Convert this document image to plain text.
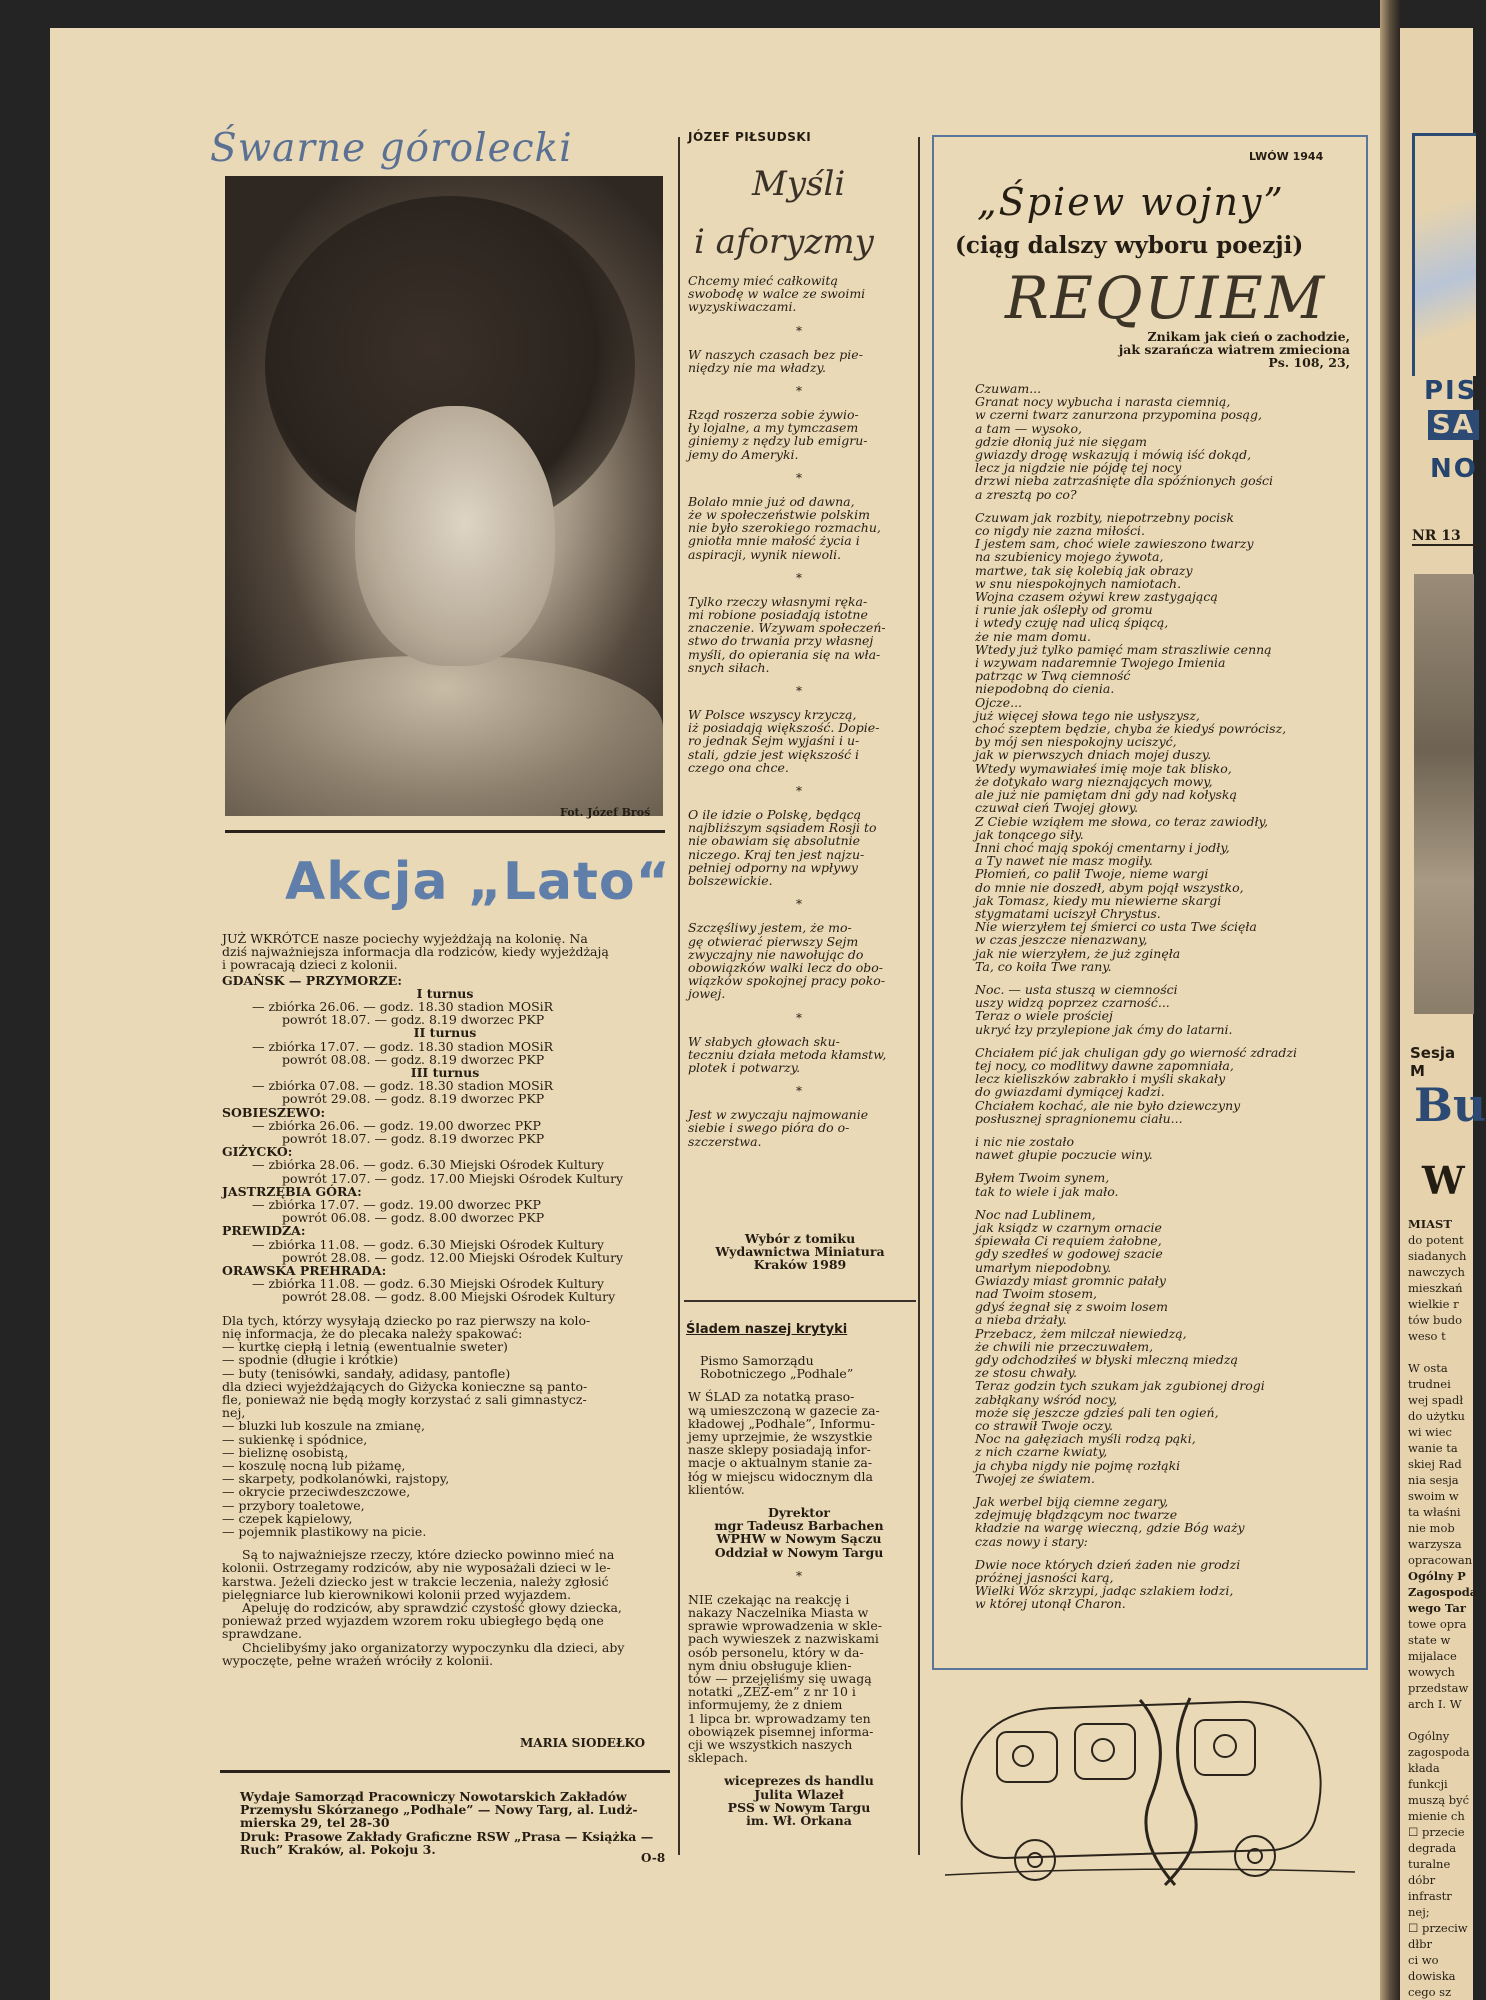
PIS
SA
NO
NR 13
Sesja M
Bu
W
MIAST
do potent
siadanych
nawczych
mieszkań
wielkie r
tów budo
weso t
W osta
trudnei
wej spadł
do użytku
wi wiec
wanie ta
skiej Rad
nia sesja
swoim w
ta właśni
nie mob
warzysza
opracowan
Ogólny P
Zagospoda
wego Tar
towe opra
state w
mijalace
wowych
przedstaw
arch I. W
Ogólny
zagospoda
kłada
funkcji
muszą być
mienie ch
☐ przecie
degrada
turalne
dóbr
infrastr
nej;
☐ przeciw
dłbr
ci wo
dowiska
cego sz
Śwarne górolecki
Fot. Józef Broś
Akcja „Lato“
JUŻ WKRÓTCE nasze pociechy wyjeżdżają na kolonię. Na
dziś najważniejsza informacja dla rodziców, kiedy wyjeżdżają
i powracają dzieci z kolonii.
GDAŃSK — PRZYMORZE:
I turnus
— zbiórka 26.06. — godz. 18.30 stadion MOSiR
powrót 18.07. — godz. 8.19 dworzec PKP
II turnus
— zbiórka 17.07. — godz. 18.30 stadion MOSiR
powrót 08.08. — godz. 8.19 dworzec PKP
III turnus
— zbiórka 07.08. — godz. 18.30 stadion MOSiR
powrót 29.08. — godz. 8.19 dworzec PKP
SOBIESZEWO:
— zbiórka 26.06. — godz. 19.00 dworzec PKP
powrót 18.07. — godz. 8.19 dworzec PKP
GIŻYCKO:
— zbiórka 28.06. — godz. 6.30 Miejski Ośrodek Kultury
powrót 17.07. — godz. 17.00 Miejski Ośrodek Kultury
JASTRZĘBIA GÓRA:
— zbiórka 17.07. — godz. 19.00 dworzec PKP
powrót 06.08. — godz. 8.00 dworzec PKP
PREWIDZA:
— zbiórka 11.08. — godz. 6.30 Miejski Ośrodek Kultury
powrót 28.08. — godz. 12.00 Miejski Ośrodek Kultury
ORAWSKA PREHRADA:
— zbiórka 11.08. — godz. 6.30 Miejski Ośrodek Kultury
powrót 28.08. — godz. 8.00 Miejski Ośrodek Kultury
Dla tych, którzy wysyłają dziecko po raz pierwszy na kolo-
nię informacja, że do plecaka należy spakować:
— kurtkę ciepłą i letnią (ewentualnie sweter)
— spodnie (długie i krótkie)
— buty (tenisówki, sandały, adidasy, pantofle)
dla dzieci wyjeżdżających do Giżycka konieczne są panto-
fle, ponieważ nie będą mogły korzystać z sali gimnastycz-
nej,
— bluzki lub koszule na zmianę,
— sukienkę i spódnice,
— bieliznę osobistą,
— koszulę nocną lub piżamę,
— skarpety, podkolanówki, rajstopy,
— okrycie przeciwdeszczowe,
— przybory toaletowe,
— czepek kąpielowy,
— pojemnik plastikowy na picie.
Są to najważniejsze rzeczy, które dziecko powinno mieć na
kolonii. Ostrzegamy rodziców, aby nie wyposażali dzieci w le-
karstwa. Jeżeli dziecko jest w trakcie leczenia, należy zgłosić
pielęgniarce lub kierownikowi kolonii przed wyjazdem.
Apeluję do rodziców, aby sprawdzić czystość głowy dziecka,
ponieważ przed wyjazdem wzorem roku ubiegłego będą one
sprawdzane.
Chcielibyśmy jako organizatorzy wypoczynku dla dzieci, aby
wypoczęte, pełne wrażeń wróciły z kolonii.
MARIA SIODEŁKO
Wydaje Samorząd Pracowniczy Nowotarskich Zakładów
Przemysłu Skórzanego „Podhale” — Nowy Targ, al. Ludż-
mierska 29, tel 28-30
Druk: Prasowe Zakłady Graficzne RSW „Prasa — Książka —
Ruch” Kraków, al. Pokoju 3.
O-8
JÓZEF PIŁSUDSKI
Myśli
i aforyzmy
Chcemy mieć całkowitą
swobodę w walce ze swoimi
wyzyskiwaczami.
*
W naszych czasach bez pie-
niędzy nie ma władzy.
*
Rząd roszerza sobie żywio-
ły lojalne, a my tymczasem
giniemy z nędzy lub emigru-
jemy do Ameryki.
*
Bolało mnie już od dawna,
że w społeczeństwie polskim
nie było szerokiego rozmachu,
gniotła mnie małość życia i
aspiracji, wynik niewoli.
*
Tylko rzeczy własnymi ręka-
mi robione posiadają istotne
znaczenie. Wzywam społeczeń-
stwo do trwania przy własnej
myśli, do opierania się na wła-
snych siłach.
*
W Polsce wszyscy krzyczą,
iż posiadają większość. Dopie-
ro jednak Sejm wyjaśni i u-
stali, gdzie jest większość i
czego ona chce.
*
O ile idzie o Polskę, będącą
najbliższym sąsiadem Rosji to
nie obawiam się absolutnie
niczego. Kraj ten jest najzu-
pełniej odporny na wpływy
bolszewickie.
*
Szczęśliwy jestem, że mo-
gę otwierać pierwszy Sejm
zwyczajny nie nawołując do
obowiązków walki lecz do obo-
wiązków spokojnej pracy poko-
jowej.
*
W słabych głowach sku-
teczniu działa metoda kłamstw,
plotek i potwarzy.
*
Jest w zwyczaju najmowanie
siebie i swego pióra do o-
szczerstwa.
Wybór z tomiku
Wydawnictwa Miniatura
Kraków 1989
Śladem naszej krytyki
Pismo Samorządu
Robotniczego „Podhale”
W ŚLAD za notatką praso-
wą umieszczoną w gazecie za-
kładowej „Podhale”, Informu-
jemy uprzejmie, że wszystkie
nasze sklepy posiadają infor-
macje o aktualnym stanie za-
łóg w miejscu widocznym dla
klientów.
Dyrektor
mgr Tadeusz Barbachen
WPHW w Nowym Sączu
Oddział w Nowym Targu
*
NIE czekając na reakcję i
nakazy Naczelnika Miasta w
sprawie wprowadzenia w skle-
pach wywieszek z nazwiskami
osób personelu, który w da-
nym dniu obsługuje klien-
tów — przejęliśmy się uwagą
notatki „ZEZ-em” z nr 10 i
informujemy, że z dniem
1 lipca br. wprowadzamy ten
obowiązek pisemnej informa-
cji we wszystkich naszych
sklepach.
wiceprezes ds handlu
Julita Wlazeł
PSS w Nowym Targu
im. Wł. Orkana
LWÓW 1944
„Śpiew wojny”
(ciąg dalszy wyboru poezji)
REQUIEM
Znikam jak cień o zachodzie,
jak szarańcza wiatrem zmieciona
Ps. 108, 23,
Czuwam...
Granat nocy wybucha i narasta ciemnią,
w czerni twarz zanurzona przypomina posąg,
a tam — wysoko,
gdzie dłonią już nie sięgam
gwiazdy drogę wskazują i mówią iść dokąd,
lecz ja nigdzie nie pójdę tej nocy
drzwi nieba zatrzaśnięte dla spóźnionych gości
a zresztą po co?
Czuwam jak rozbity, niepotrzebny pocisk
co nigdy nie zazna miłości.
I jestem sam, choć wiele zawieszono twarzy
na szubienicy mojego żywota,
martwe, tak się kolebią jak obrazy
w snu niespokojnych namiotach.
Wojna czasem ożywi krew zastygającą
i runie jak oślepły od gromu
i wtedy czuję nad ulicą śpiącą,
że nie mam domu.
Wtedy już tylko pamięć mam straszliwie cenną
i wzywam nadaremnie Twojego Imienia
patrząc w Twą ciemność
niepodobną do cienia.
Ojcze...
już więcej słowa tego nie usłyszysz,
choć szeptem będzie, chyba że kiedyś powrócisz,
by mój sen niespokojny uciszyć,
jak w pierwszych dniach mojej duszy.
Wtedy wymawiałeś imię moje tak blisko,
że dotykało warg nieznających mowy,
ale już nie pamiętam dni gdy nad kołyską
czuwał cień Twojej głowy.
Z Ciebie wziąłem me słowa, co teraz zawiodły,
jak tonącego siły.
Inni choć mają spokój cmentarny i jodły,
a Ty nawet nie masz mogiły.
Płomień, co palił Twoje, nieme wargi
do mnie nie doszedł, abym pojął wszystko,
jak Tomasz, kiedy mu niewierne skargi
stygmatami uciszył Chrystus.
Nie wierzyłem tej śmierci co usta Twe ścięła
w czas jeszcze nienazwany,
jak nie wierzyłem, że już zginęła
Ta, co koiła Twe rany.
Noc. — usta stuszą w ciemności
uszy widzą poprzez czarność...
Teraz o wiele prościej
ukryć łzy przylepione jak ćmy do latarni.
Chciałem pić jak chuligan gdy go wierność zdradzi
tej nocy, co modlitwy dawne zapomniała,
lecz kieliszków zabrakło i myśli skakały
do gwiazdami dymiącej kadzi.
Chciałem kochać, ale nie było dziewczyny
posłusznej spragnionemu ciału...
i nic nie zostało
nawet głupie poczucie winy.
Byłem Twoim synem,
tak to wiele i jak mało.
Noc nad Lublinem,
jak ksiądz w czarnym ornacie
śpiewała Ci requiem żałobne,
gdy szedłeś w godowej szacie
umarłym niepodobny.
Gwiazdy miast gromnic pałały
nad Twoim stosem,
gdyś żegnał się z swoim losem
a nieba drżały.
Przebacz, żem milczał niewiedzą,
że chwili nie przeczuwałem,
gdy odchodziłeś w błyski mleczną miedzą
ze stosu chwały.
Teraz godzin tych szukam jak zgubionej drogi
zabłąkany wśród nocy,
może się jeszcze gdzieś pali ten ogień,
co strawił Twoje oczy.
Noc na gałęziach myśli rodzą pąki,
z nich czarne kwiaty,
ja chyba nigdy nie pojmę rozłąki
Twojej ze światem.
Jak werbel biją ciemne zegary,
zdejmuję błądzącym noc twarze
kładzie na wargę wieczną, gdzie Bóg waży
czas nowy i stary:
Dwie noce których dzień żaden nie grodzi
próżnej jasności karą,
Wielki Wóz skrzypi, jadąc szlakiem łodzi,
w której utonął Charon.
